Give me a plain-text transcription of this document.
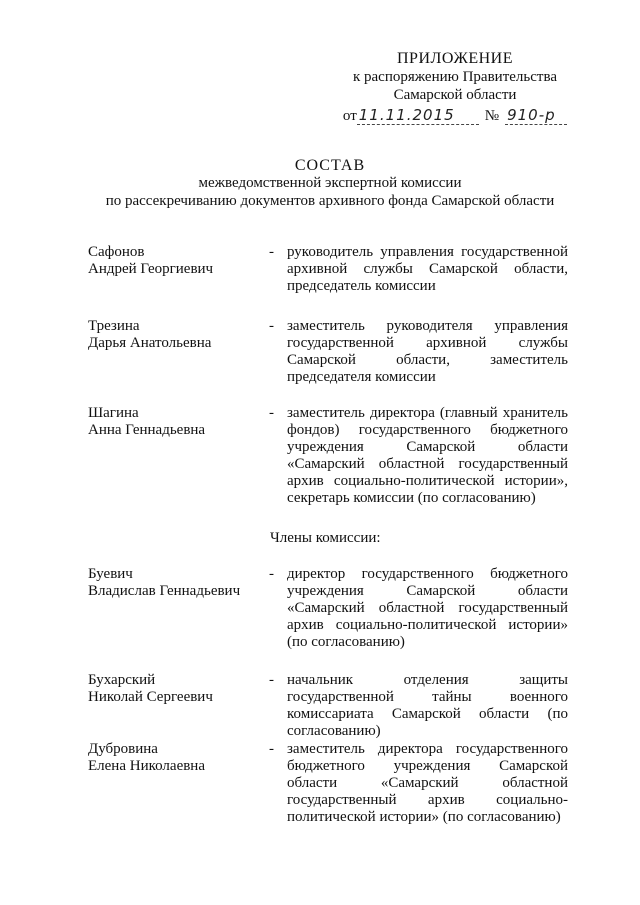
ПРИЛОЖЕНИЕ
к распоряжению Правительства
Самарской области
от 11.11.2015	№ 910-р
СОСТАВ
межведомственной экспертной комиссии
по рассекречиванию документов архивного фонда Самарской области
Сафонов
Андрей Георгиевич
- руководитель управления государственной архивной службы Самарской области, председатель комиссии
Трезина
Дарья Анатольевна
- заместитель руководителя управления государственной архивной службы Самарской области, заместитель председателя комиссии
Шагина
Анна Геннадьевна
- заместитель директора (главный хранитель фондов) государственного бюджетного учреждения Самарской области «Самарский областной государственный архив социально-политической истории», секретарь комиссии (по согласованию)
Члены комиссии:
Буевич
Владислав Геннадьевич
- директор государственного бюджетного учреждения Самарской области «Самарский областной государственный архив социально-политической истории» (по согласованию)
Бухарский
Николай Сергеевич
- начальник отделения защиты государственной тайны военного комиссариата Самарской области (по согласованию)
Дубровина
Елена Николаевна
- заместитель директора государственного бюджетного учреждения Самарской области «Самарский областной государственный архив социально-политической истории» (по согласованию)
